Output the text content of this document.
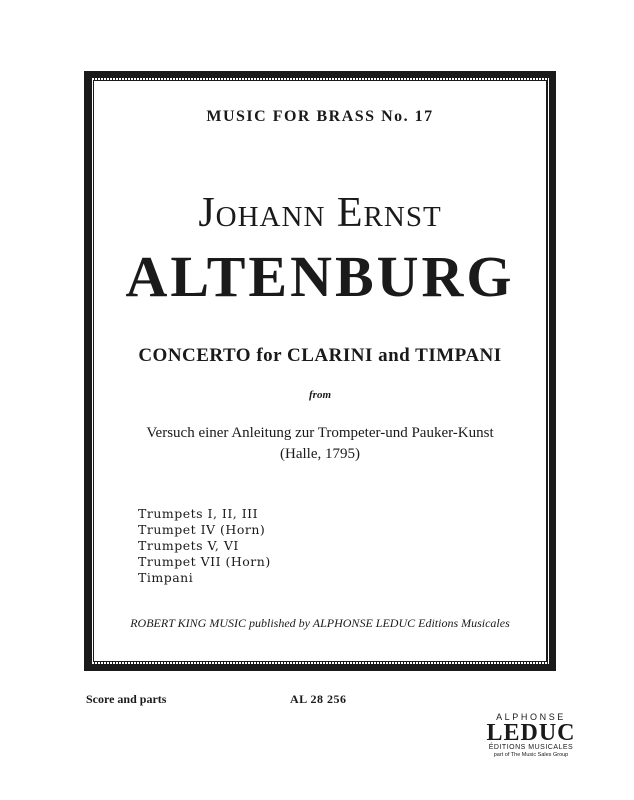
MUSIC FOR BRASS No. 17
Johann Ernst
ALTENBURG
CONCERTO for CLARINI and TIMPANI
from
Versuch einer Anleitung zur Trompeter-und Pauker-Kunst
(Halle, 1795)
Trumpets I, II, III
Trumpet IV (Horn)
Trumpets V, VI
Trumpet VII (Horn)
Timpani
ROBERT KING MUSIC published by ALPHONSE LEDUC Editions Musicales
Score and parts	AL 28 256
ALPHONSE
LEDUC
ÉDITIONS MUSICALES
part of The Music Sales Group
